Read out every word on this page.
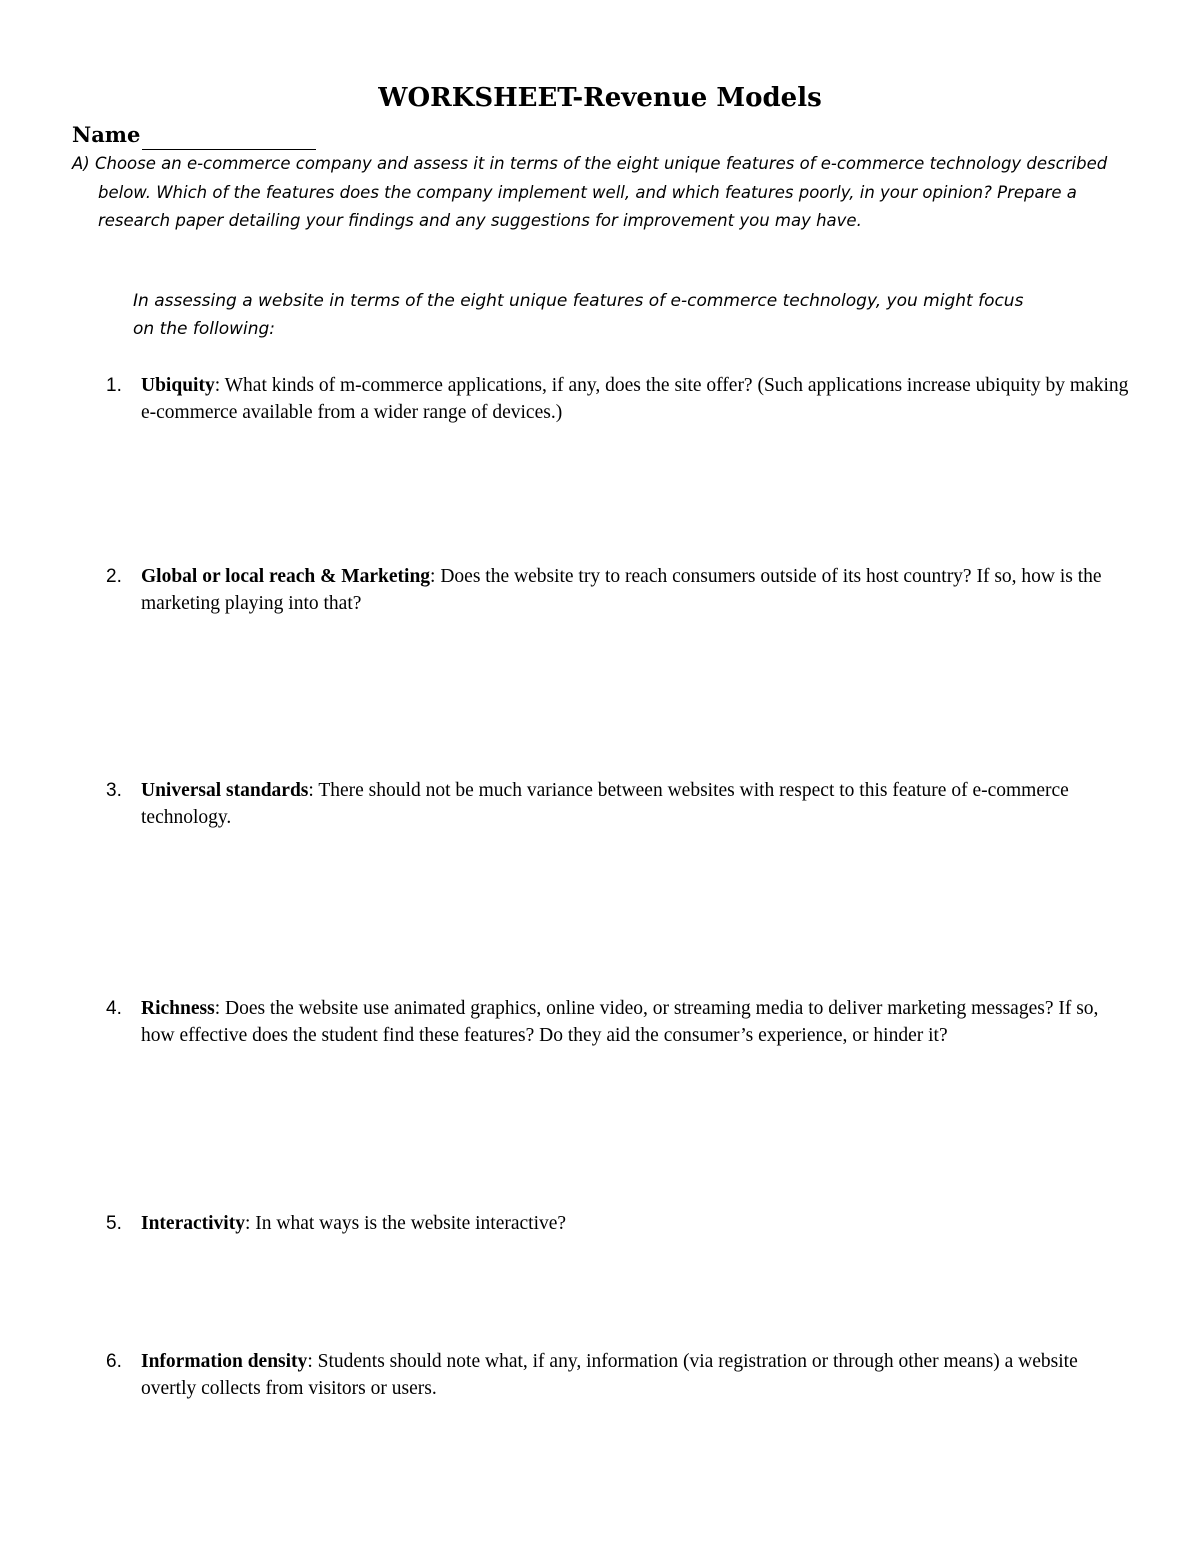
WORKSHEET-Revenue Models
Name
A) Choose an e-commerce company and assess it in terms of the eight unique features of e-commerce technology described below. Which of the features does the company implement well, and which features poorly, in your opinion? Prepare a research paper detailing your findings and any suggestions for improvement you may have.
In assessing a website in terms of the eight unique features of e-commerce technology, you might focus on the following:
1. Ubiquity: What kinds of m-commerce applications, if any, does the site offer? (Such applications increase ubiquity by making e-commerce available from a wider range of devices.)
2. Global or local reach & Marketing: Does the website try to reach consumers outside of its host country? If so, how is the marketing playing into that?
3. Universal standards: There should not be much variance between websites with respect to this feature of e-commerce technology.
4. Richness: Does the website use animated graphics, online video, or streaming media to deliver marketing messages? If so, how effective does the student find these features? Do they aid the consumer’s experience, or hinder it?
5. Interactivity: In what ways is the website interactive?
6. Information density: Students should note what, if any, information (via registration or through other means) a website overtly collects from visitors or users.
